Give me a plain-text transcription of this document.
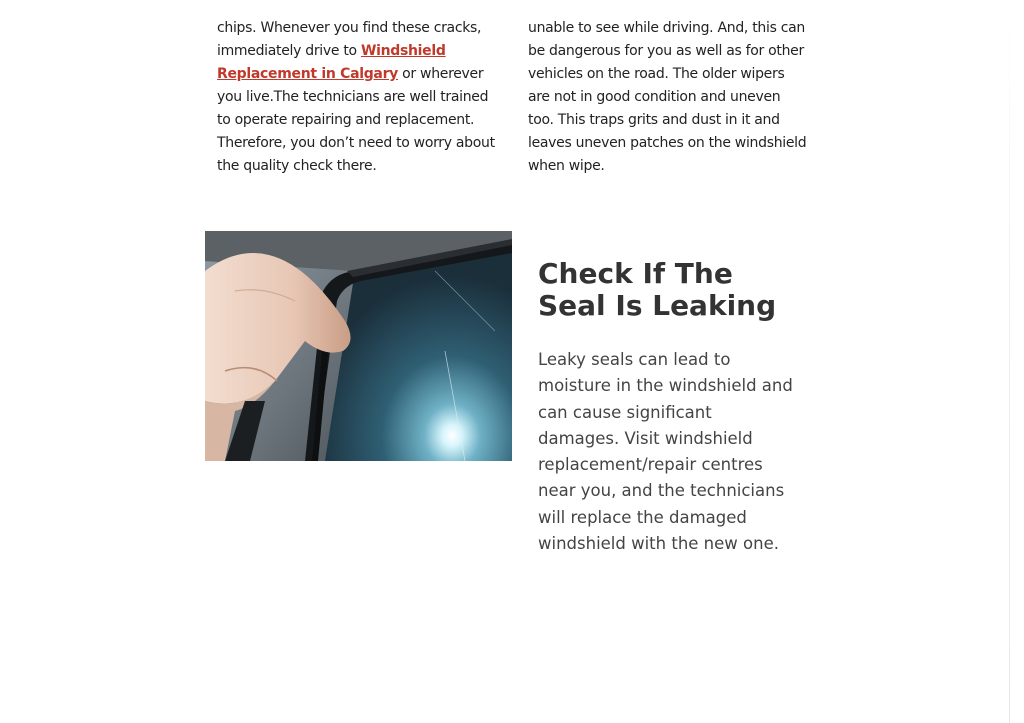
chips. Whenever you find these cracks, immediately drive to Windshield Replacement in Calgary or wherever you live.The technicians are well trained to operate repairing and replacement. Therefore, you don’t need to worry about the quality check there.
unable to see while driving. And, this can be dangerous for you as well as for other vehicles on the road. The older wipers are not in good condition and uneven too. This traps grits and dust in it and leaves uneven patches on the windshield when wipe.
Check If The Seal Is Leaking

Leaky seals can lead to moisture in the windshield and can cause significant damages. Visit windshield replacement/repair centres near you, and the technicians will replace the damaged windshield with the new one.
